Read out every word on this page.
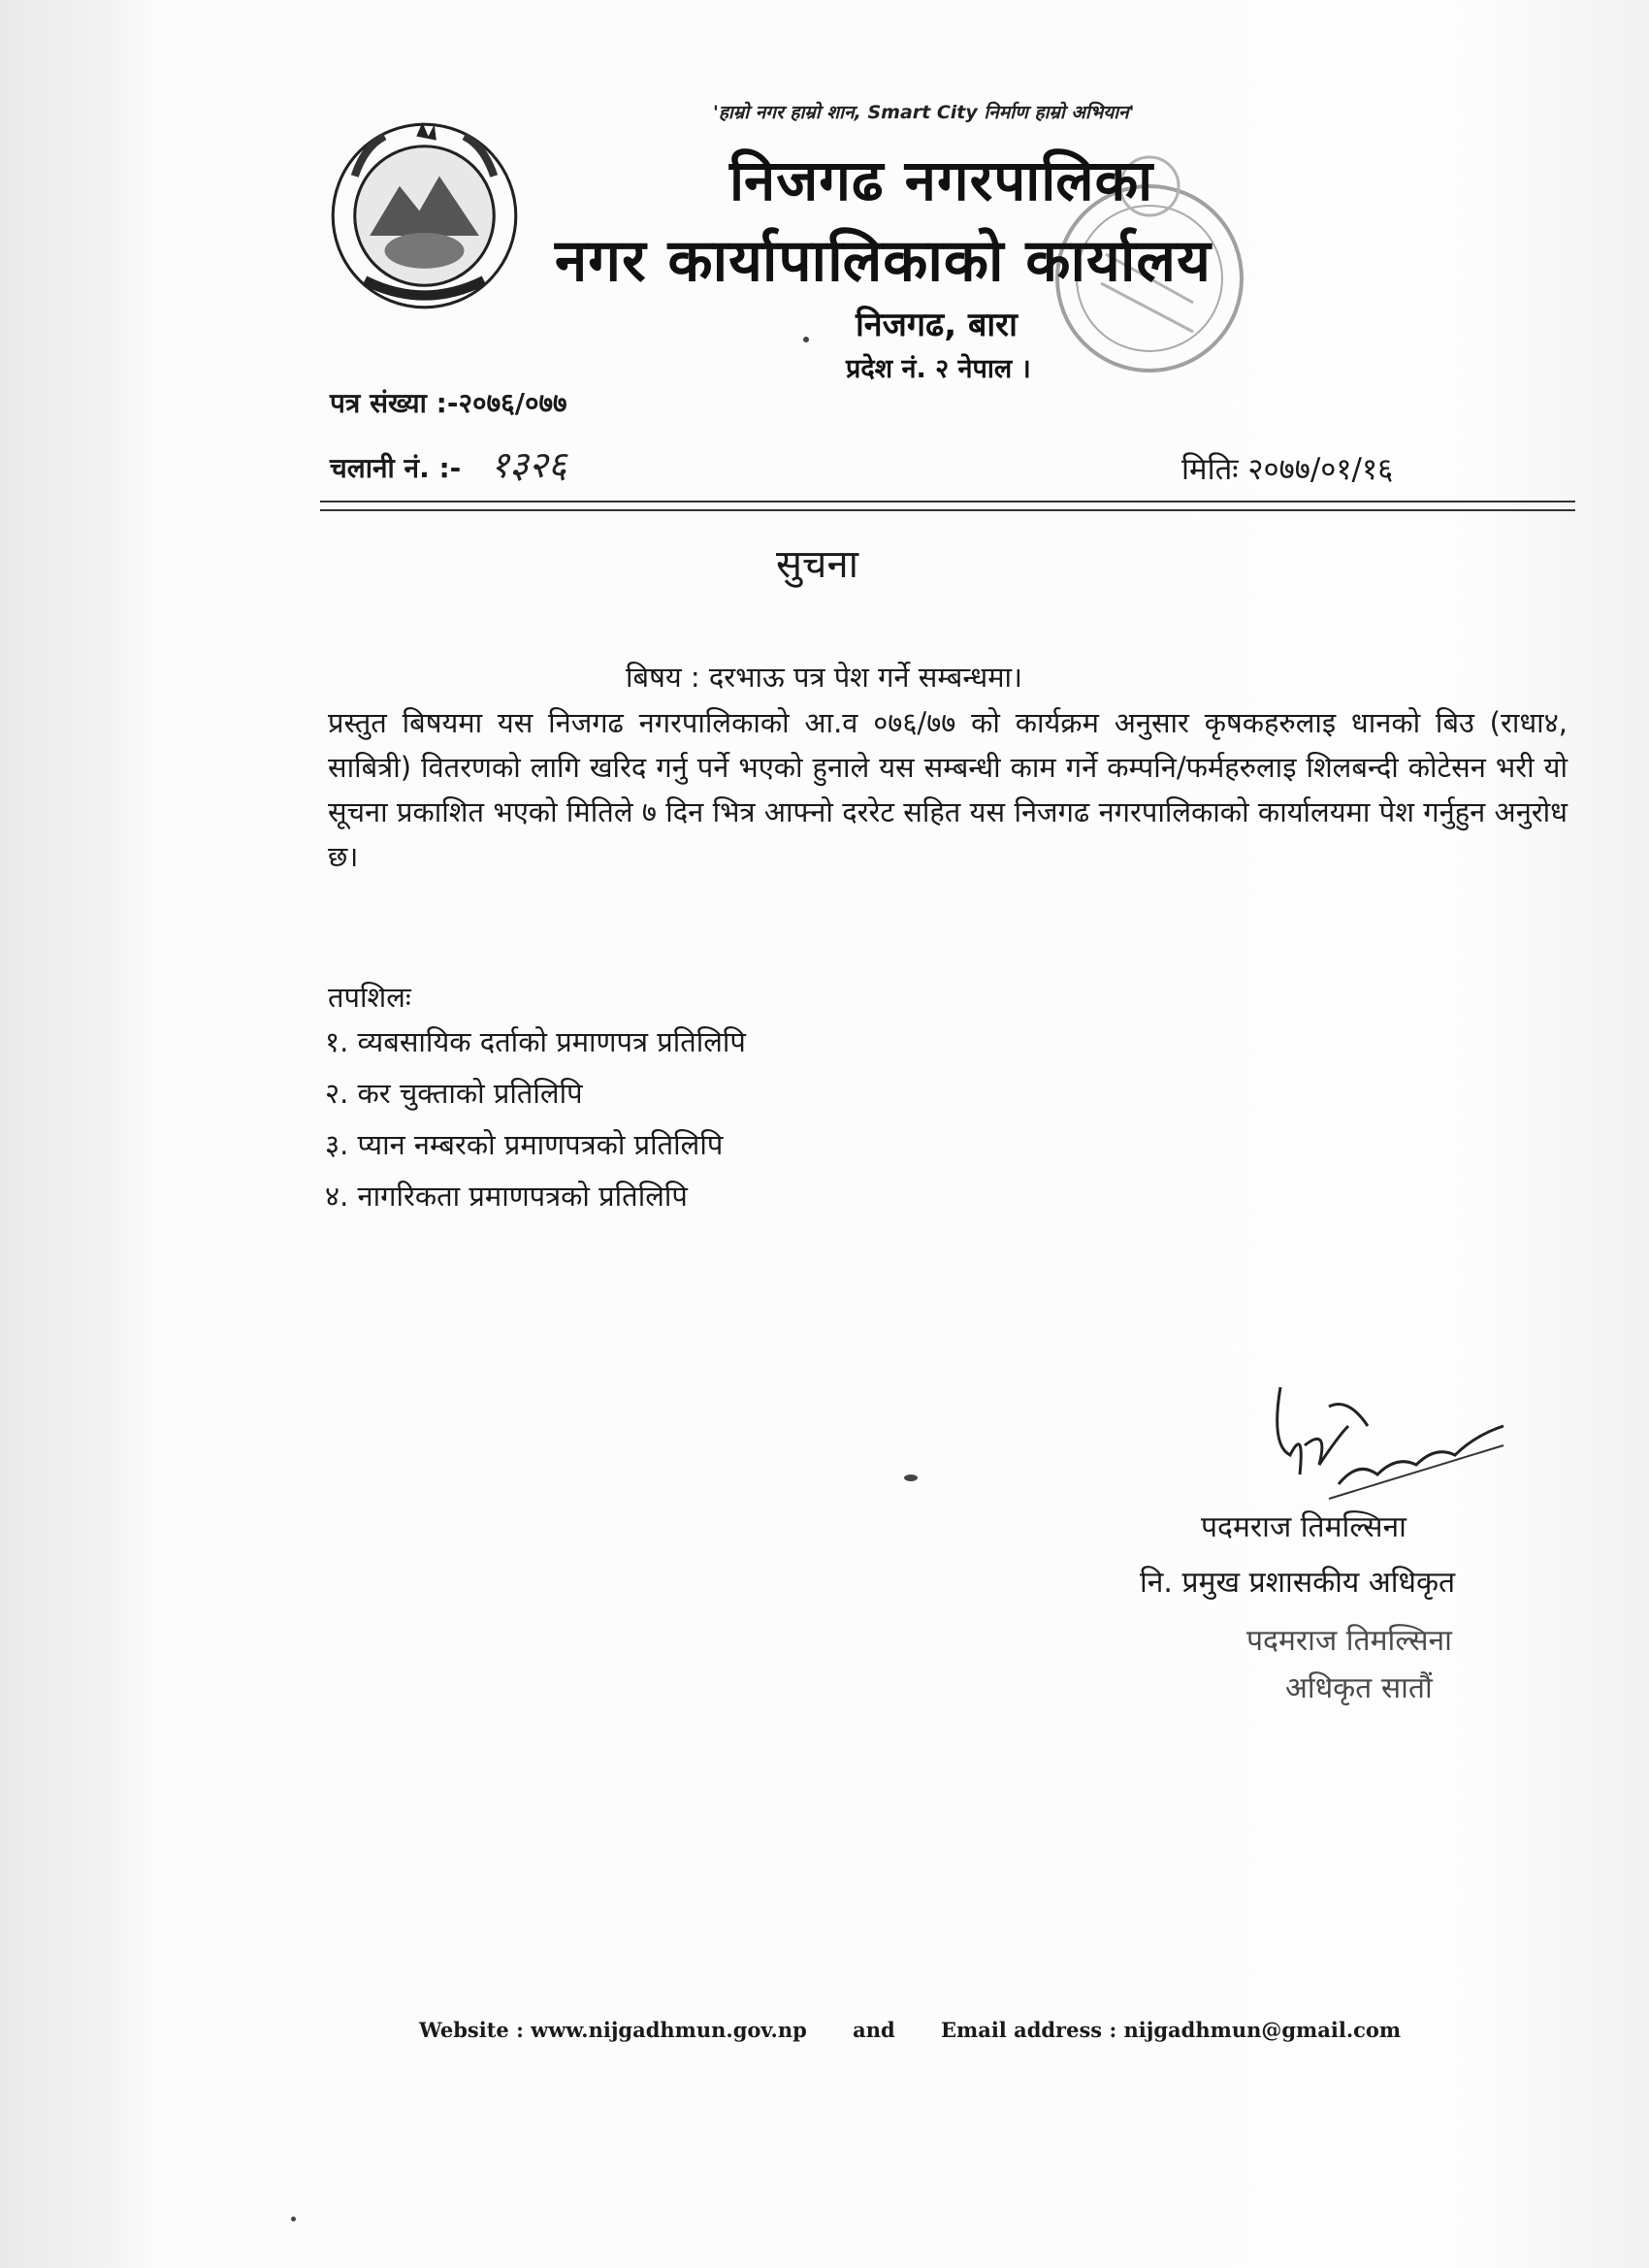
'हाम्रो नगर हाम्रो शान, Smart City निर्माण हाम्रो अभियान'
निजगढ नगरपालिका
नगर कार्यापालिकाको कार्यालय
निजगढ, बारा
प्रदेश नं. २ नेपाल ।
पत्र संख्या :-२०७६/०७७
चलानी नं. :- १३२६	मितिः २०७७/०१/१६
सुचना
बिषय : दरभाऊ पत्र पेश गर्ने सम्बन्धमा।
प्रस्तुत बिषयमा यस निजगढ नगरपालिकाको आ.व ०७६/७७ को कार्यक्रम अनुसार कृषकहरुलाइ धानको बिउ (राधा४, साबित्री) वितरणको लागि खरिद गर्नु पर्ने भएको हुनाले यस सम्बन्धी काम गर्ने कम्पनि/फर्महरुलाइ शिलबन्दी कोटेसन भरी यो सूचना प्रकाशित भएको मितिले ७ दिन भित्र आफ्नो दररेट सहित यस निजगढ नगरपालिकाको कार्यालयमा पेश गर्नुहुन अनुरोध छ।
तपशिलः
१. व्यबसायिक दर्ताको प्रमाणपत्र प्रतिलिपि
२. कर चुक्ताको प्रतिलिपि
३. प्यान नम्बरको प्रमाणपत्रको प्रतिलिपि
४. नागरिकता प्रमाणपत्रको प्रतिलिपि
पदमराज तिमल्सिना
नि. प्रमुख प्रशासकीय अधिकृत
पदमराज तिमल्सिना
अधिकृत सातौं
Website : www.nijgadhmun.gov.np and Email address : nijgadhmun@gmail.com
